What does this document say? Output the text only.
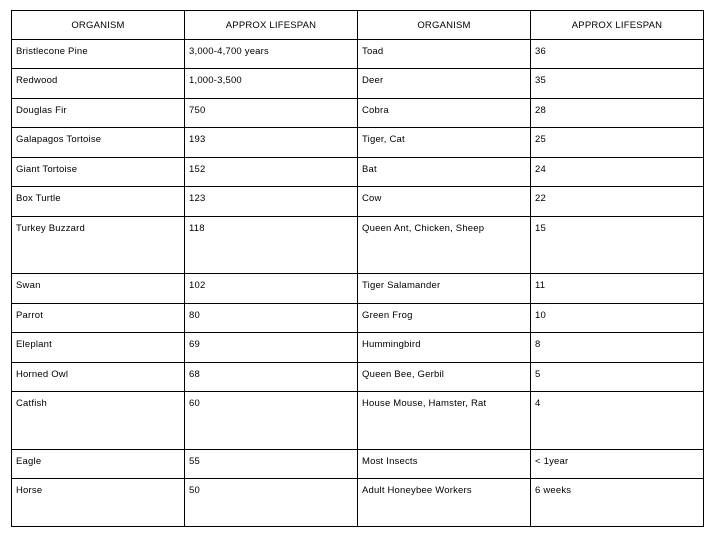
ORGANISM	APPROX LIFESPAN	ORGANISM	APPROX LIFESPAN
Bristlecone Pine	3,000-4,700 years	Toad	36
Redwood	1,000-3,500	Deer	35
Douglas Fir	750	Cobra	28
Galapagos Tortoise	193	Tiger, Cat	25
Giant Tortoise	152	Bat	24
Box Turtle	123	Cow	22
Turkey Buzzard	118	Queen Ant, Chicken, Sheep	15
Swan	102	Tiger Salamander	11
Parrot	80	Green Frog	10
Eleplant	69	Hummingbird	8
Horned Owl	68	Queen Bee, Gerbil	5
Catfish	60	House Mouse, Hamster, Rat	4
Eagle	55	Most Insects	< 1year
Horse	50	Adult Honeybee Workers	6 weeks
